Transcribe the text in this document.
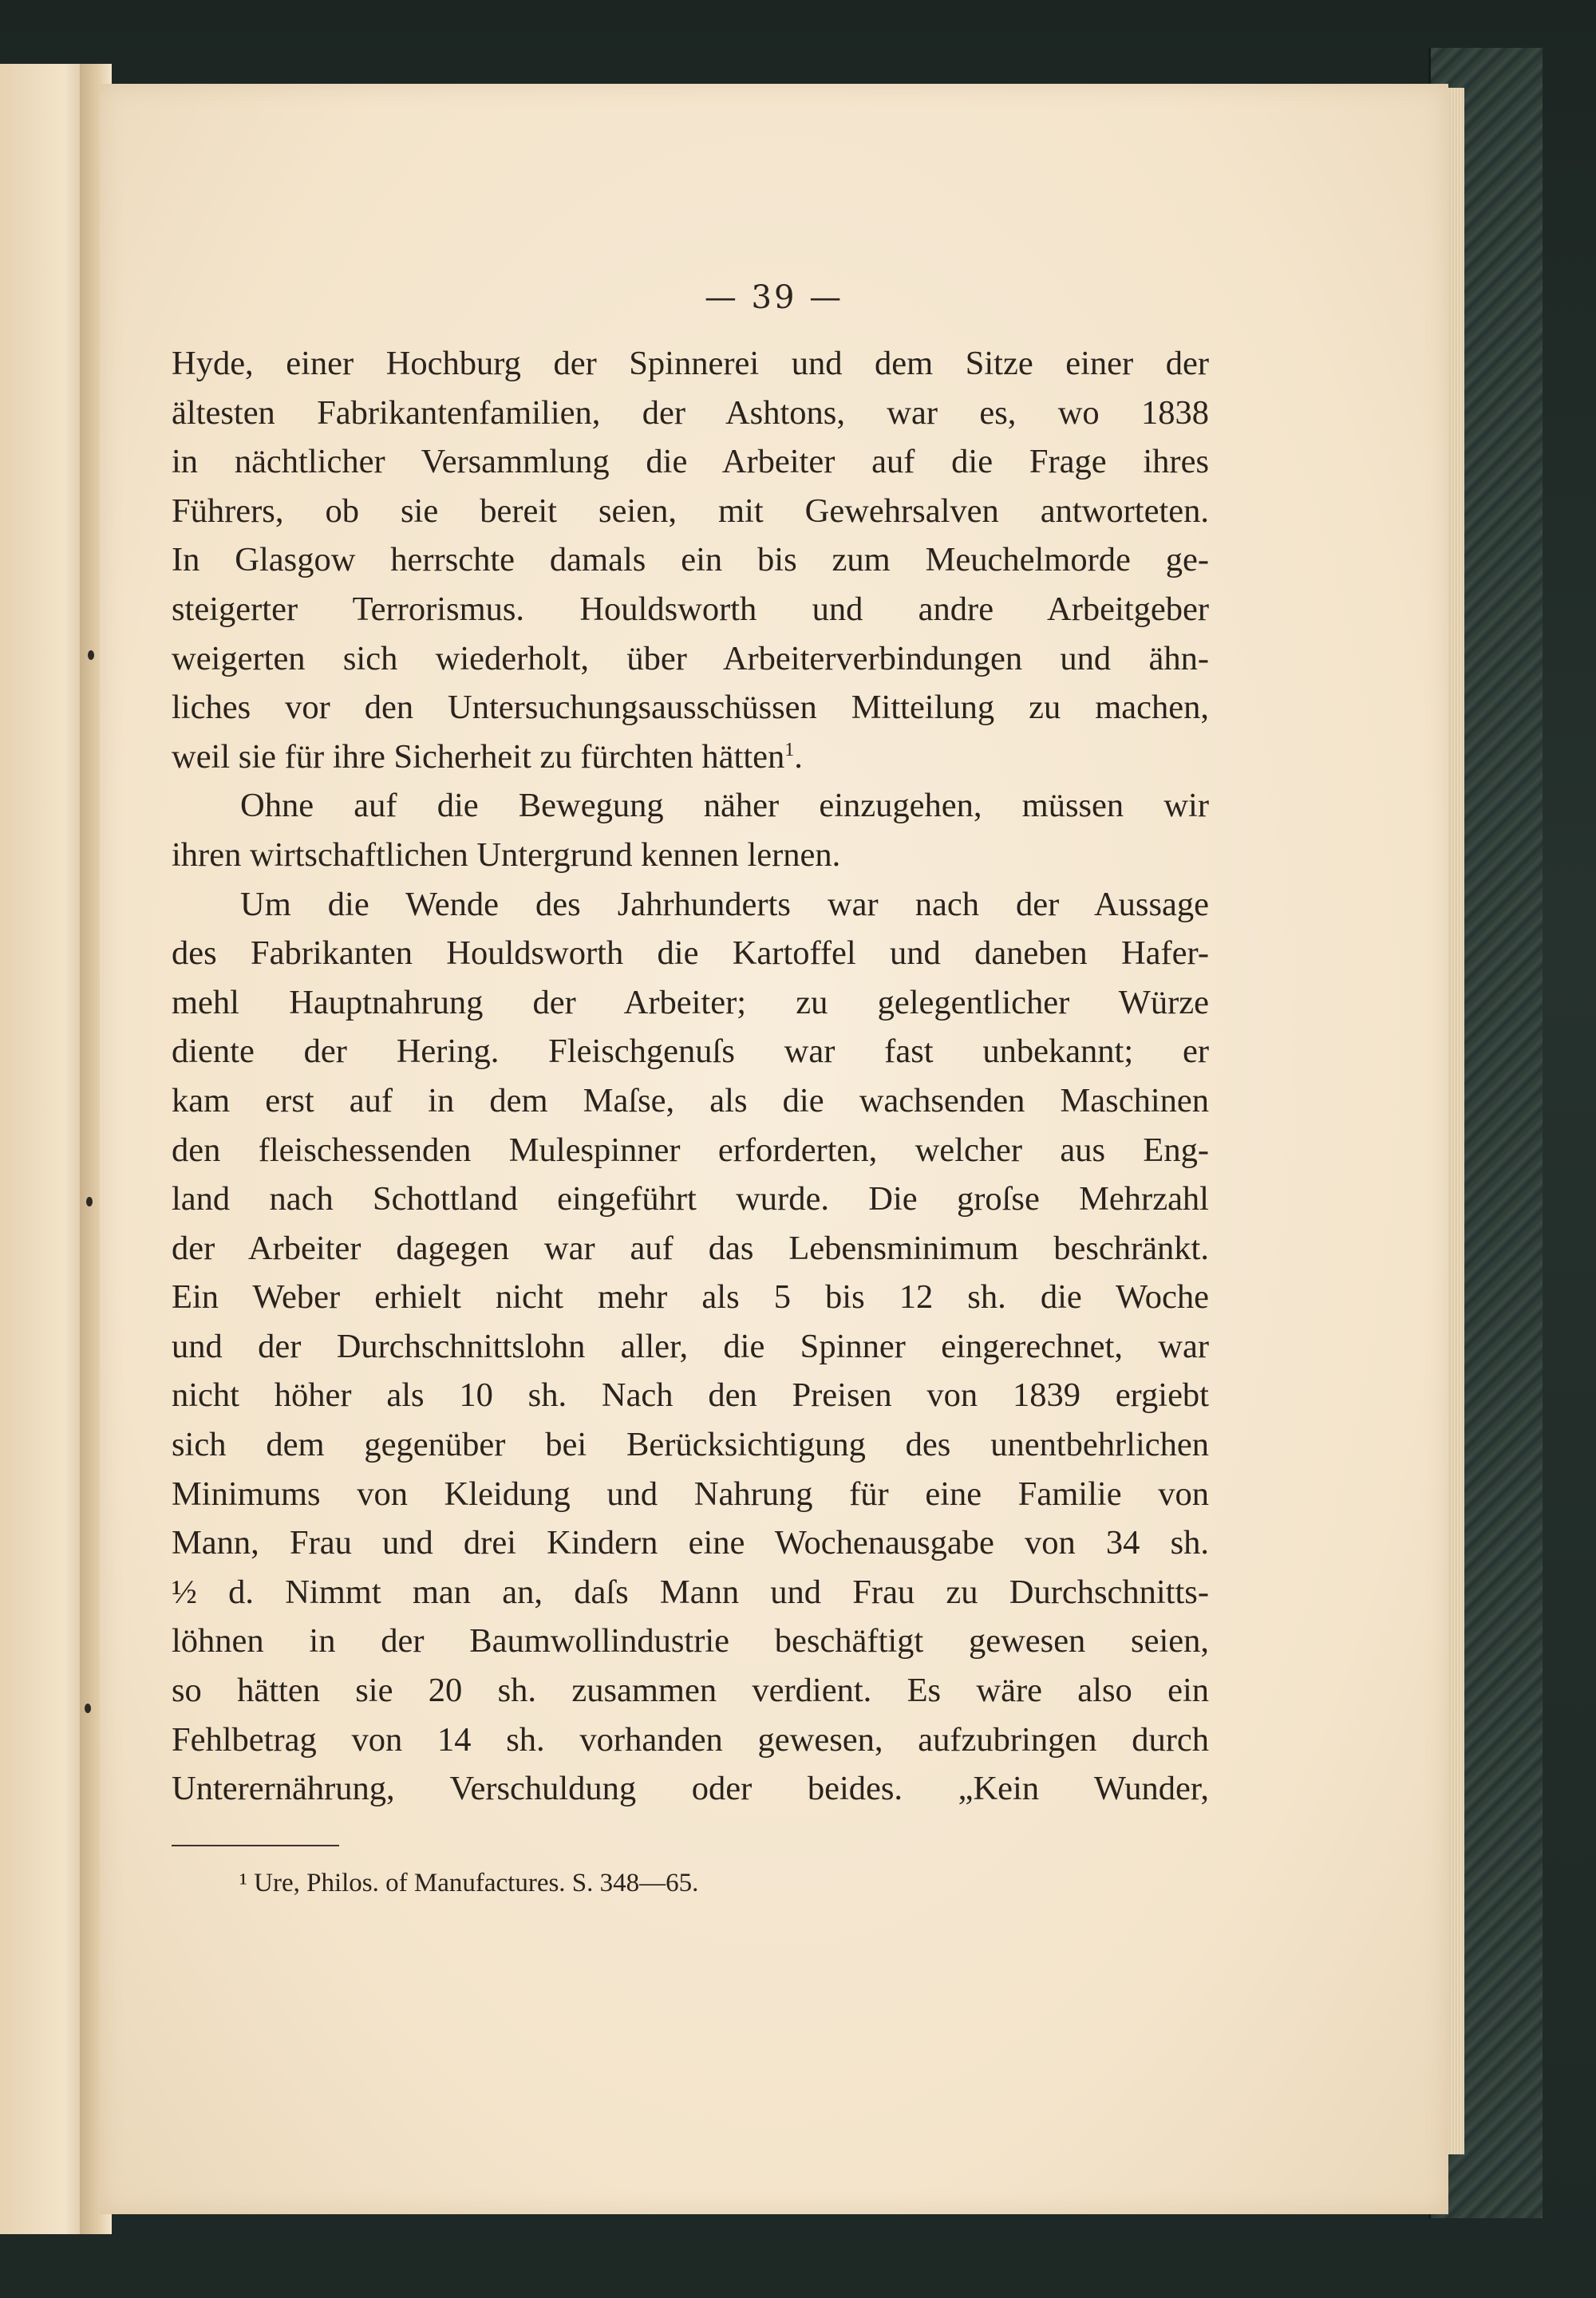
— 39 —
Hyde, einer Hochburg der Spinnerei und dem Sitze einer der
ältesten Fabrikantenfamilien, der Ashtons, war es, wo 1838
in nächtlicher Versammlung die Arbeiter auf die Frage ihres
Führers, ob sie bereit seien, mit Gewehrsalven antworteten.
In Glasgow herrschte damals ein bis zum Meuchelmorde ge-
steigerter Terrorismus. Houldsworth und andre Arbeitgeber
weigerten sich wiederholt, über Arbeiterverbindungen und ähn-
liches vor den Untersuchungsausschüssen Mitteilung zu machen,
weil sie für ihre Sicherheit zu fürchten hätten$^1$.
Ohne auf die Bewegung näher einzugehen, müssen wir
ihren wirtschaftlichen Untergrund kennen lernen.
Um die Wende des Jahrhunderts war nach der Aussage
des Fabrikanten Houldsworth die Kartoffel und daneben Hafer-
mehl Hauptnahrung der Arbeiter; zu gelegentlicher Würze
diente der Hering. Fleischgenuſs war fast unbekannt; er
kam erst auf in dem Maſse, als die wachsenden Maschinen
den fleischessenden Mulespinner erforderten, welcher aus Eng-
land nach Schottland eingeführt wurde. Die groſse Mehrzahl
der Arbeiter dagegen war auf das Lebensminimum beschränkt.
Ein Weber erhielt nicht mehr als 5 bis 12 sh. die Woche
und der Durchschnittslohn aller, die Spinner eingerechnet, war
nicht höher als 10 sh. Nach den Preisen von 1839 ergiebt
sich dem gegenüber bei Berücksichtigung des unentbehrlichen
Minimums von Kleidung und Nahrung für eine Familie von
Mann, Frau und drei Kindern eine Wochenausgabe von 34 sh.
½ d. Nimmt man an, daſs Mann und Frau zu Durchschnitts-
löhnen in der Baumwollindustrie beschäftigt gewesen seien,
so hätten sie 20 sh. zusammen verdient. Es wäre also ein
Fehlbetrag von 14 sh. vorhanden gewesen, aufzubringen durch
Unterernährung, Verschuldung oder beides. „Kein Wunder,

¹ Ure, Philos. of Manufactures. S. 348—65.
